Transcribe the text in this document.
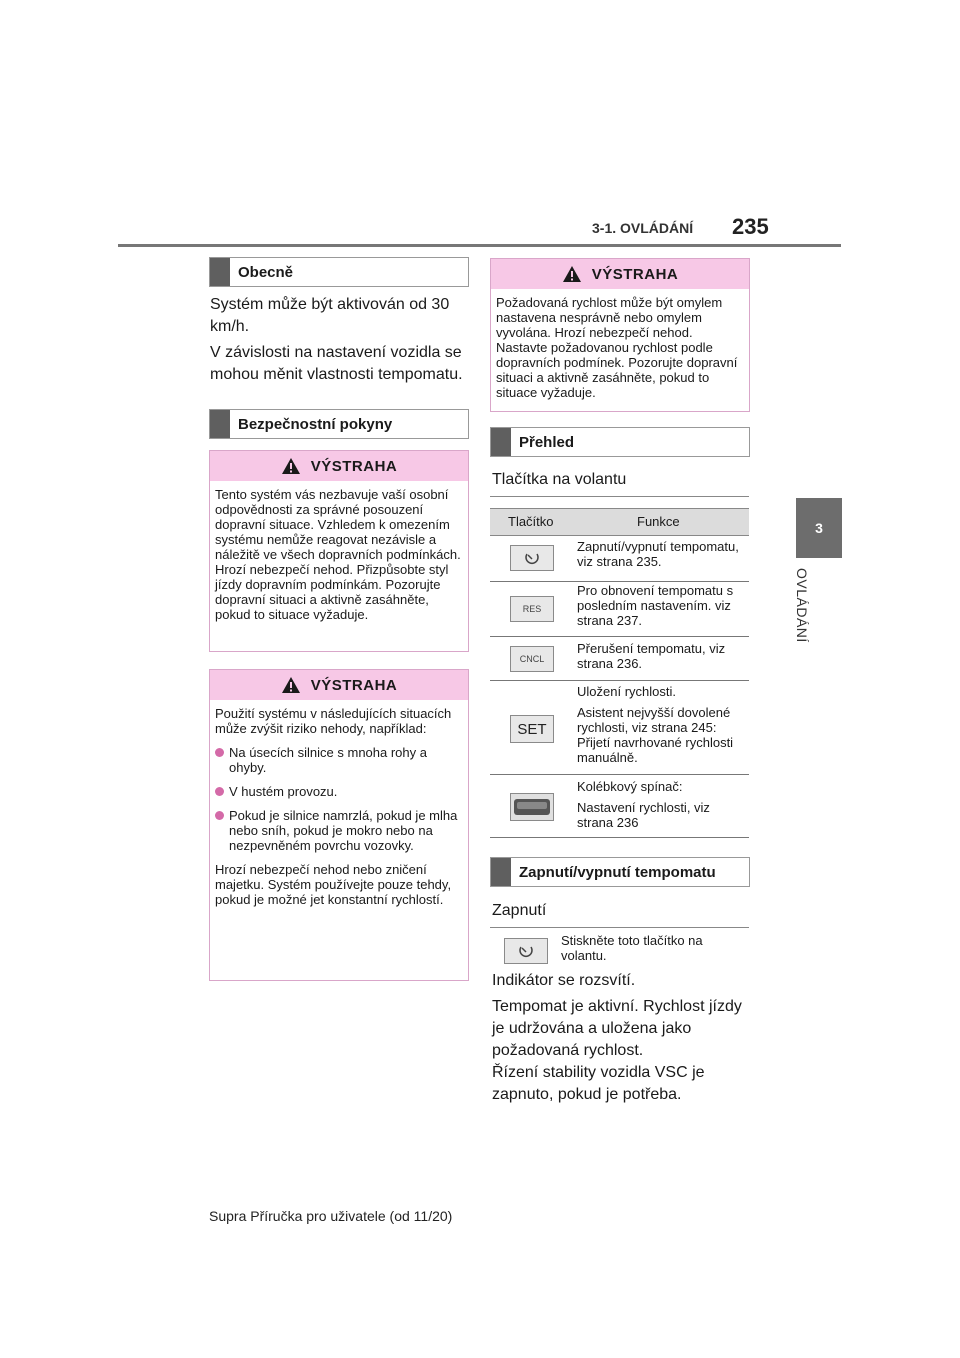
3-1. OVLÁDÁNÍ 235
3
OVLÁDÁNÍ
Obecně
Systém může být aktivován od 30 km/h.
V závislosti na nastavení vozidla se mohou měnit vlastnosti tempomatu.
Bezpečnostní pokyny
VÝSTRAHA

Tento systém vás nezbavuje vaší osobní odpovědnosti za správné posouzení dopravní situace. Vzhledem k omezením systému nemůže reagovat nezávisle a náležitě ve všech dopravních podmínkách. Hrozí nebezpečí nehod. Přizpůsobte styl jízdy dopravním podmínkám. Pozorujte dopravní situaci a aktivně zasáhněte, pokud to situace vyžaduje.

VÝSTRAHA

Použití systému v následujících situacích může zvýšit riziko nehody, například:

Na úsecích silnice s mnoha rohy a ohyby.
V hustém provozu.
Pokud je silnice namrzlá, pokud je mlha nebo sníh, pokud je mokro nebo na nezpevněném povrchu vozovky.

Hrozí nebezpečí nehod nebo zničení majetku. Systém používejte pouze tehdy, pokud je možné jet konstantní rychlostí.

VÝSTRAHA

Požadovaná rychlost může být omylem nastavena nesprávně nebo omylem vyvolána. Hrozí nebezpečí nehod. Nastavte požadovanou rychlost podle dopravních podmínek. Pozorujte dopravní situaci a aktivně zasáhněte, pokud to situace vyžaduje.

Přehled
Tlačítka na volantu
Tlačítko	Funkce

Zapnutí/vypnutí tempomatu, viz strana 235.

RES

Pro obnovení tempomatu s posledním nastavením. viz strana 237.

CNCL

Přerušení tempomatu, viz strana 236.

SET

Uložení rychlosti.

Asistent nejvyšší dovolené rychlosti, viz strana 245: Přijetí navrhované rychlosti manuálně.

Kolébkový spínač:

Nastavení rychlosti, viz strana 236

Zapnutí/vypnutí tempomatu
Zapnutí
Stiskněte toto tlačítko na volantu.
Indikátor se rozsvítí.
Tempomat je aktivní. Rychlost jízdy je udržována a uložena jako požadovaná rychlost.
Řízení stability vozidla VSC je zapnuto, pokud je potřeba.
Supra Příručka pro uživatele (od 11/20)
